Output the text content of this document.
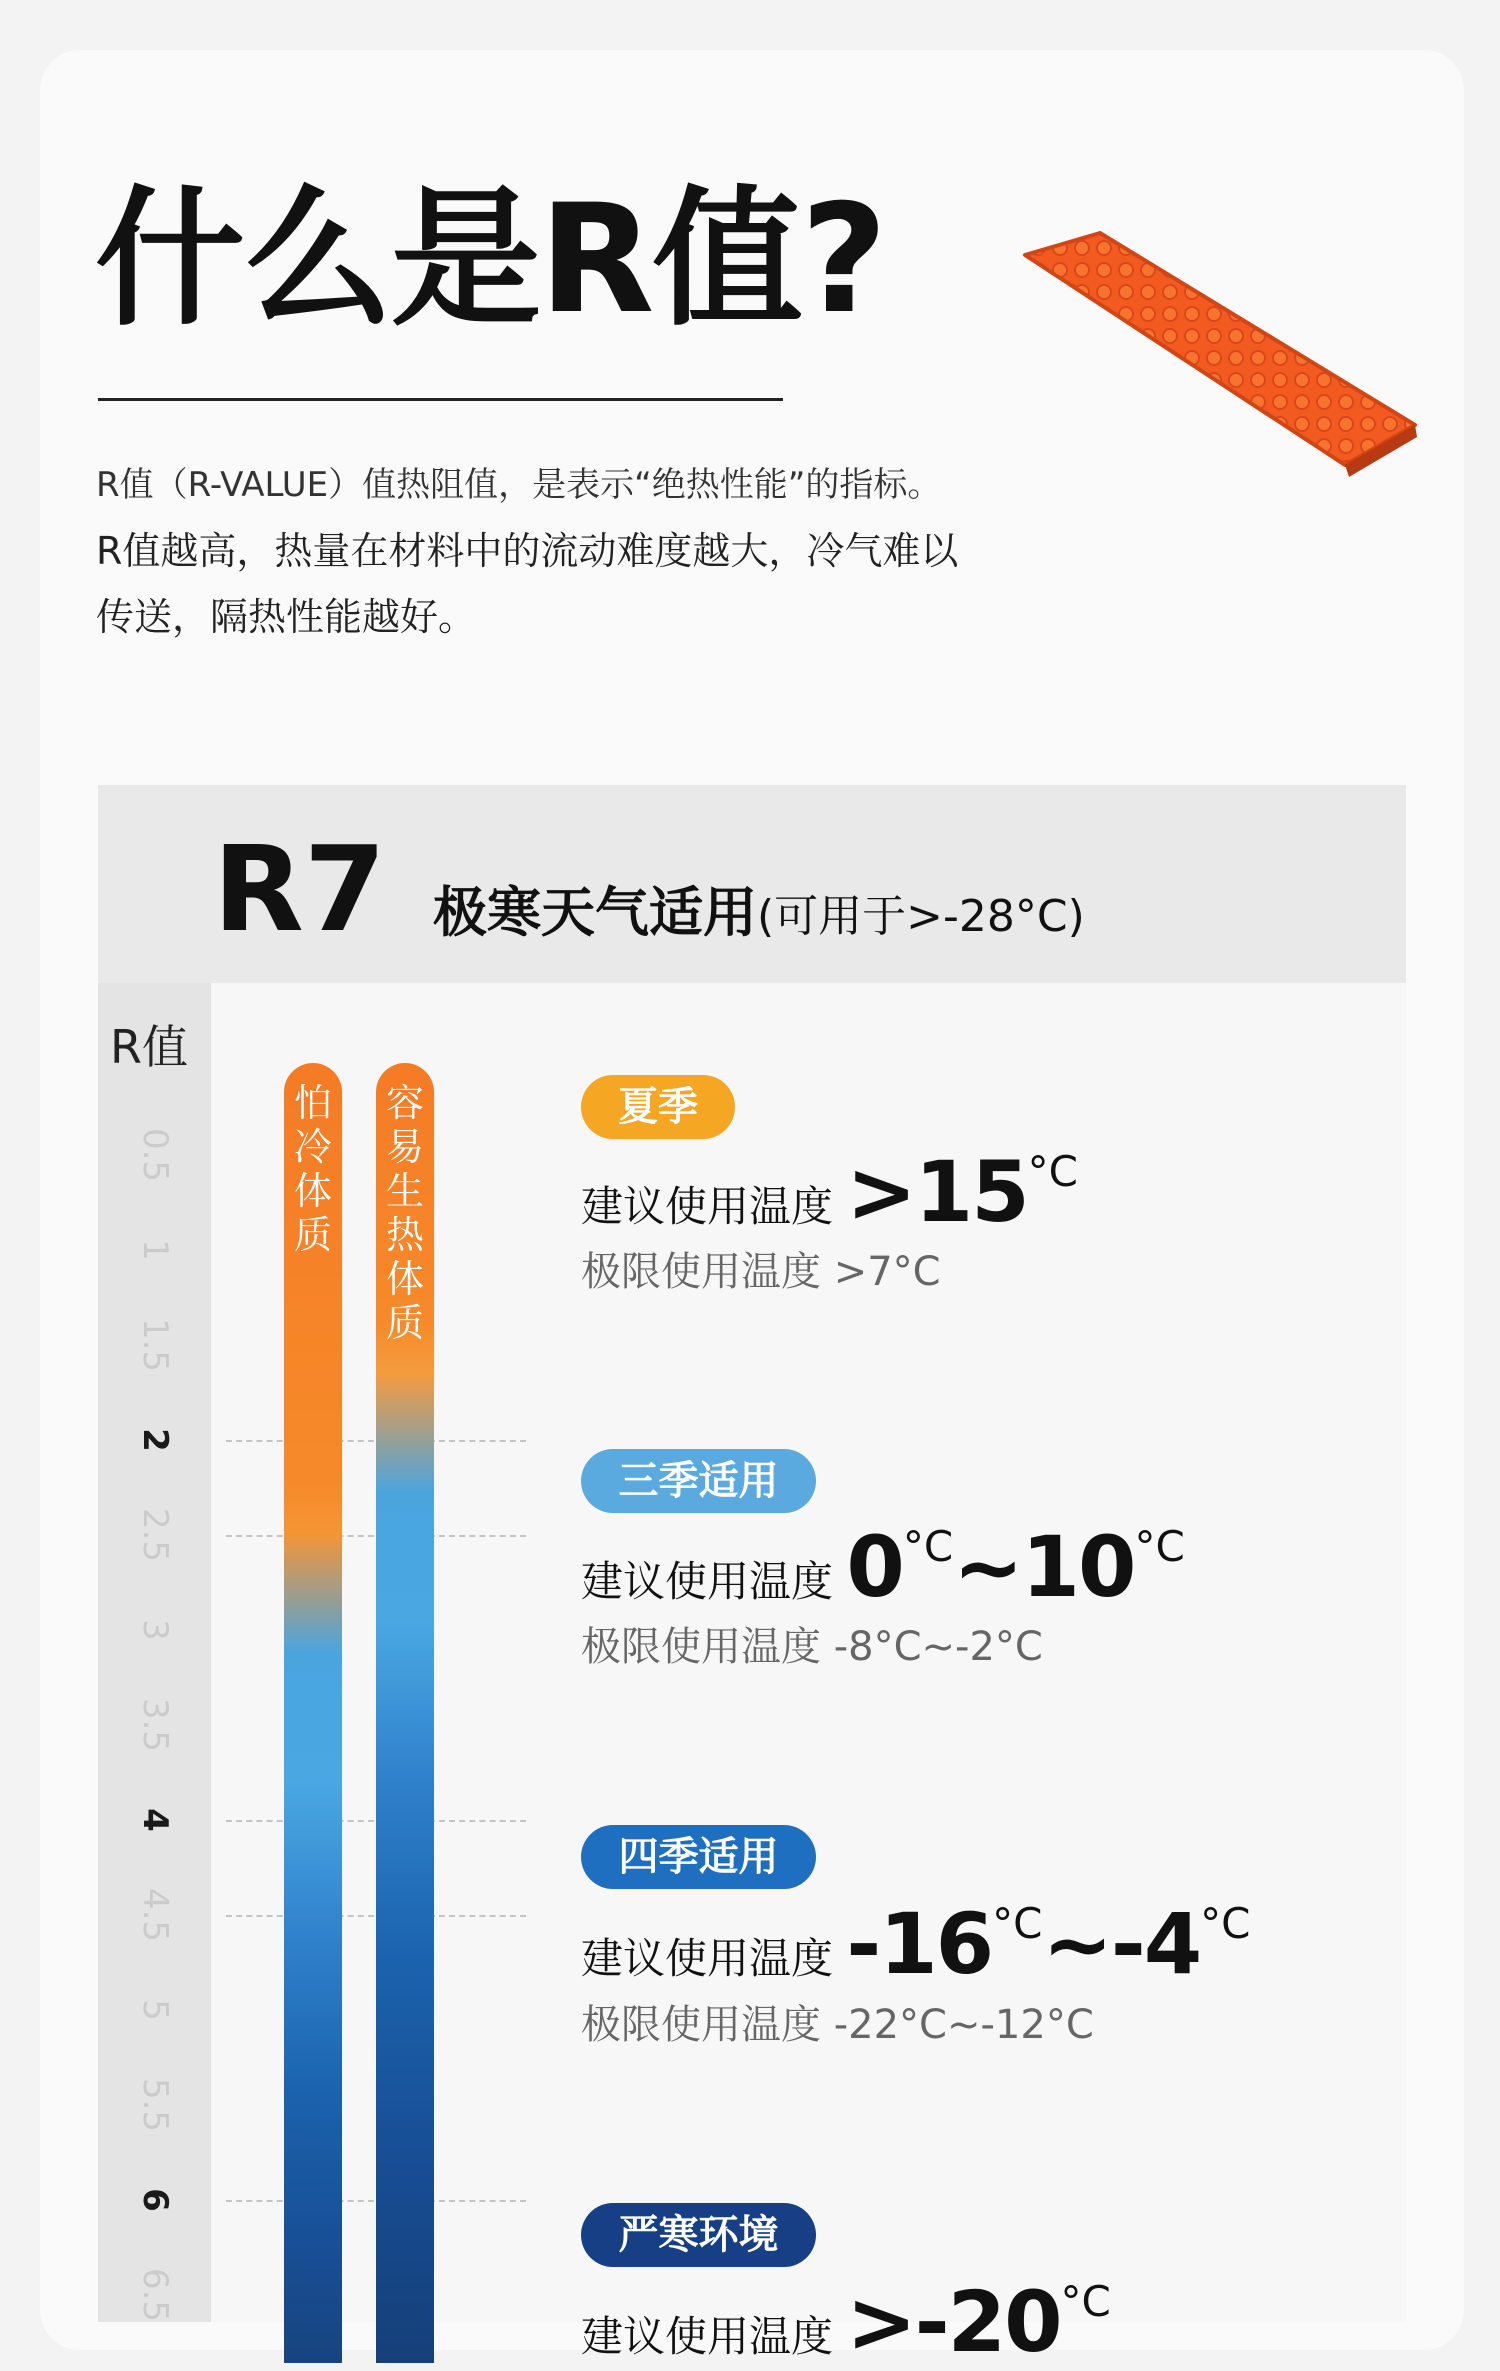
什么是R值?

R值（R-VALUE）值热阻值，是表示“绝热性能”的指标。

R值越高，热量在材料中的流动难度越大，冷气难以

传送，隔热性能越好。

R7 极寒天气适用(可用于>-28°C)
R值
怕冷体质
容易生热体质
夏季
建议使用温度 >15°C
极限使用温度 >7°C
三季适用
建议使用温度 0°C~10°C
极限使用温度 -8°C~-2°C
四季适用
建议使用温度 -16°C~-4°C
极限使用温度 -22°C~-12°C
严寒环境
建议使用温度 >-20°C
0.5
1
1.5
2
2.5
3
3.5
4
4.5
5
5.5
6
6.5
